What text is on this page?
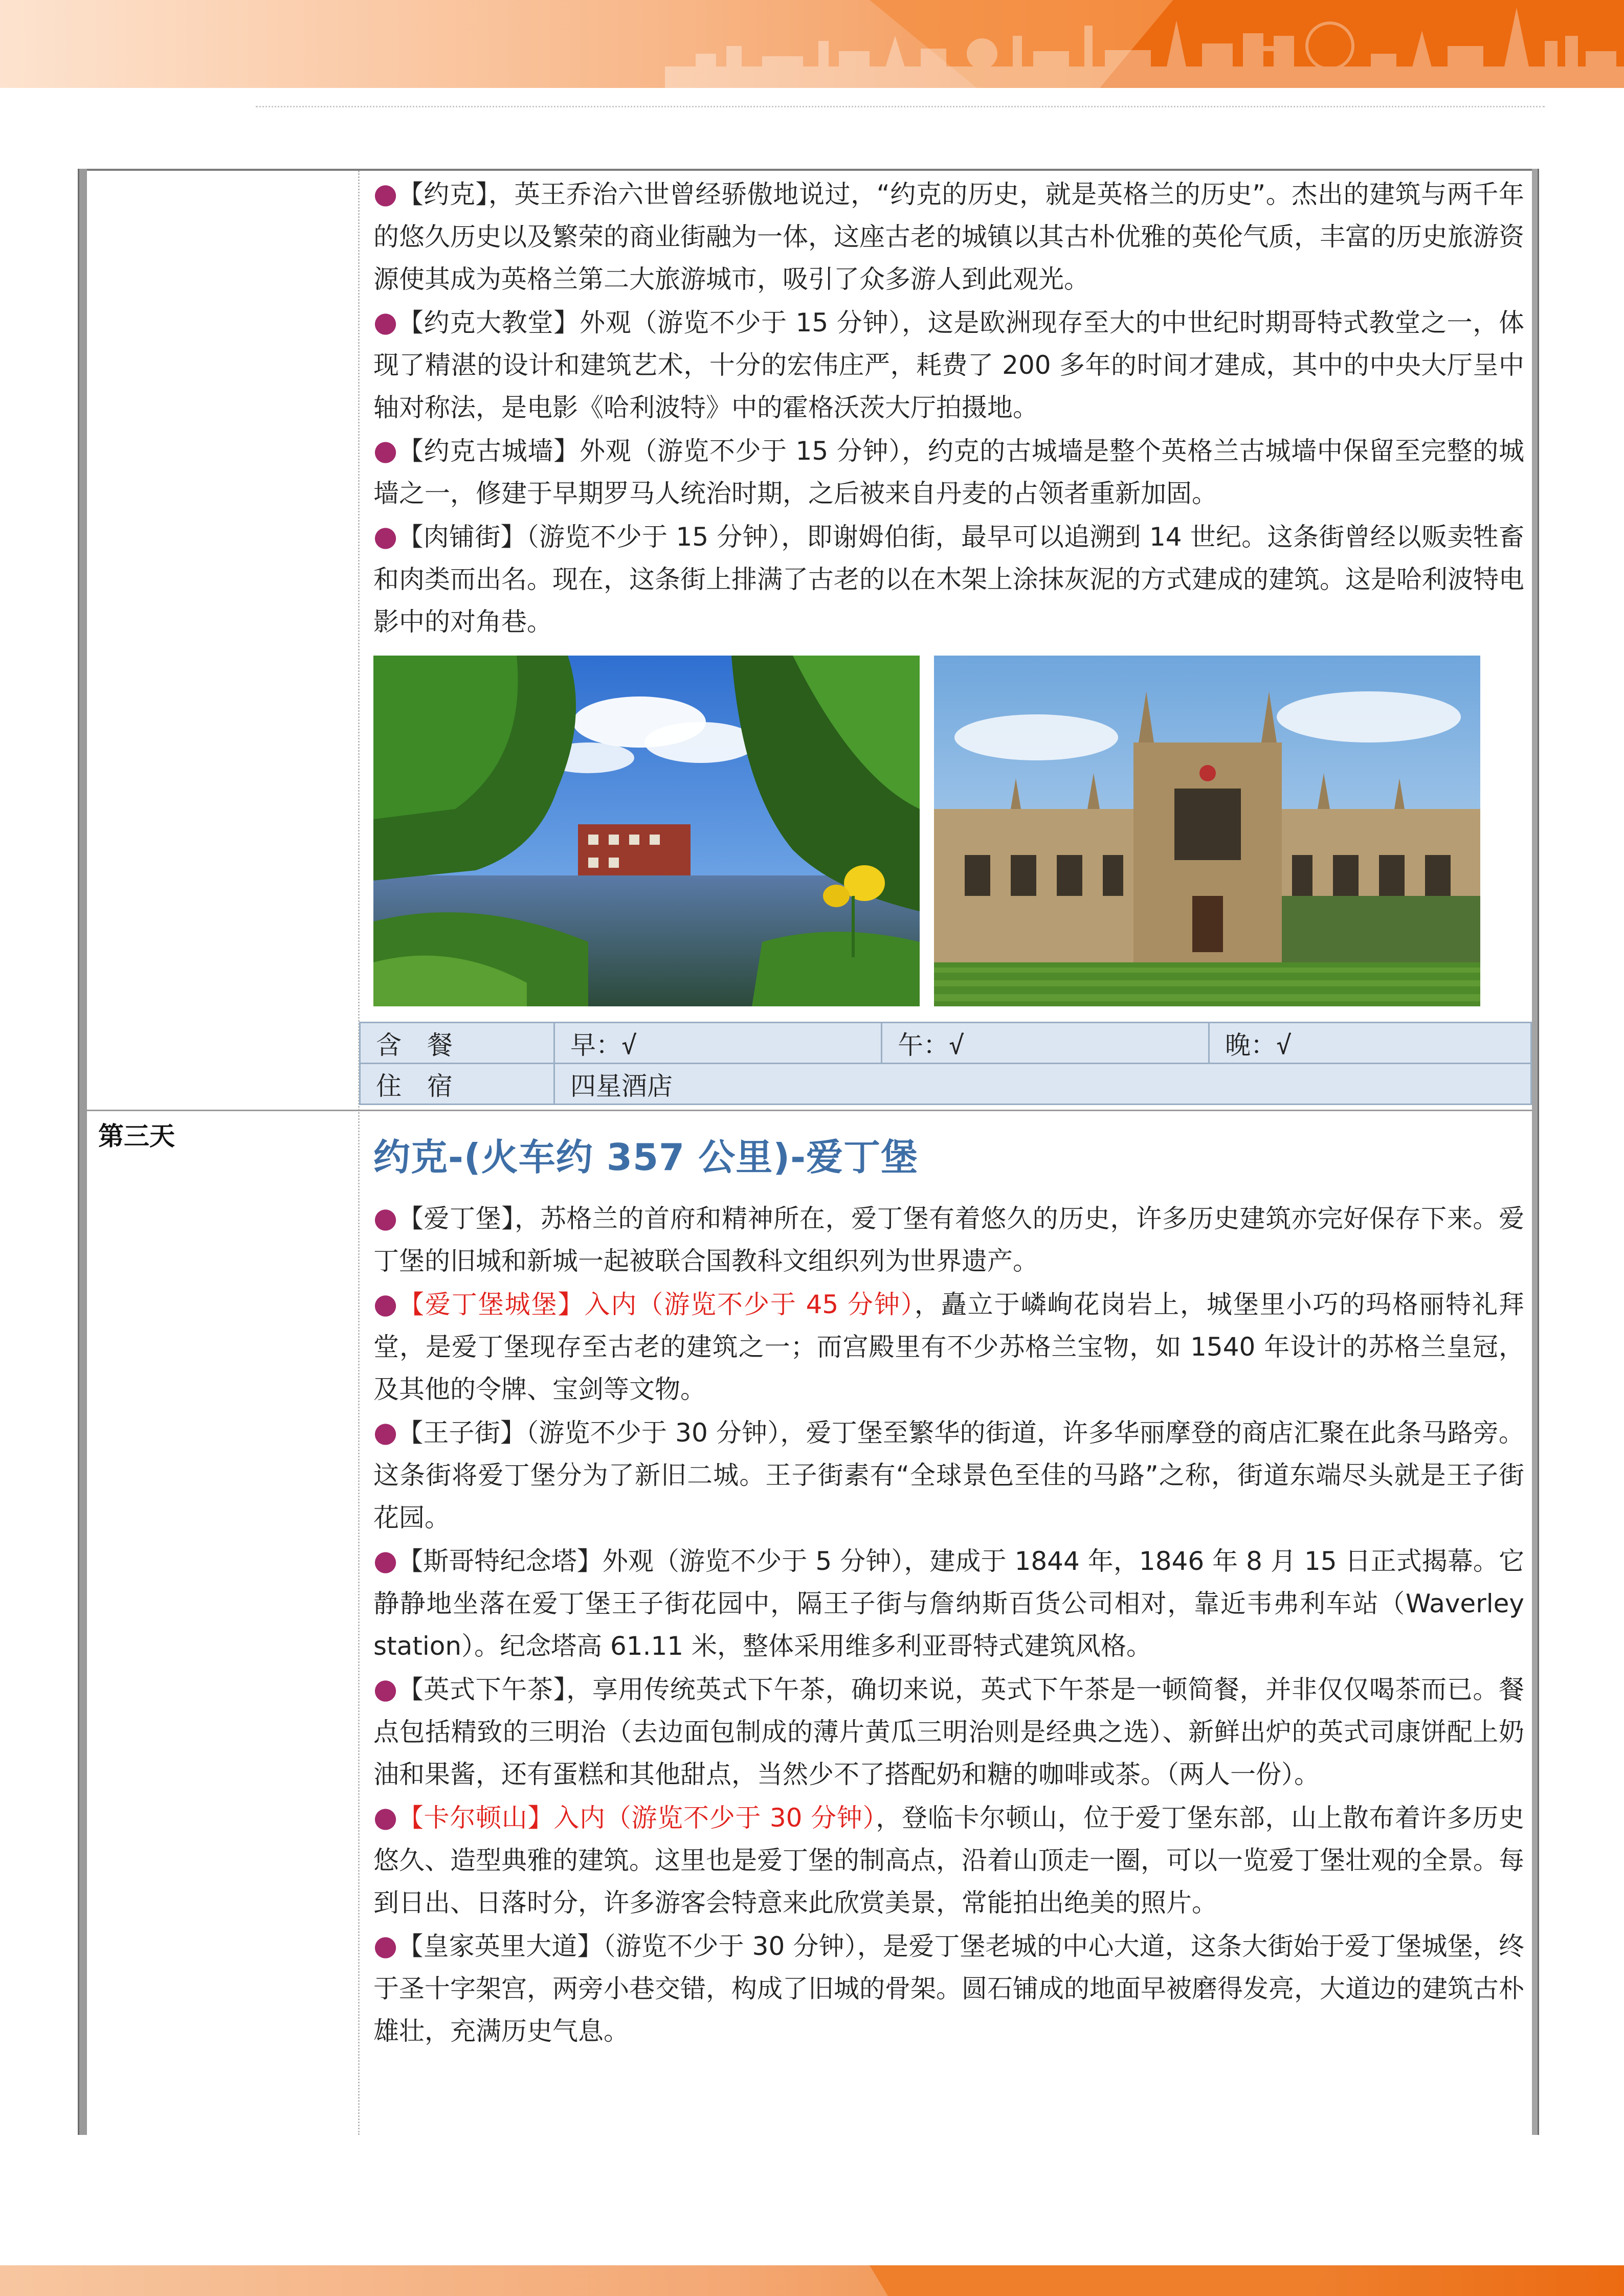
●【约克】，英王乔治六世曾经骄傲地说过，“约克的历史，就是英格兰的历史”。杰出的建筑与两千年的悠久历史以及繁荣的商业街融为一体，这座古老的城镇以其古朴优雅的英伦气质，丰富的历史旅游资源使其成为英格兰第二大旅游城市，吸引了众多游人到此观光。

●【约克大教堂】外观（游览不少于 15 分钟），这是欧洲现存至大的中世纪时期哥特式教堂之一，体现了精湛的设计和建筑艺术，十分的宏伟庄严，耗费了 200 多年的时间才建成，其中的中央大厅呈中轴对称法，是电影《哈利波特》中的霍格沃茨大厅拍摄地。

●【约克古城墙】外观（游览不少于 15 分钟），约克的古城墙是整个英格兰古城墙中保留至完整的城墙之一，修建于早期罗马人统治时期，之后被来自丹麦的占领者重新加固。

●【肉铺街】（游览不少于 15 分钟），即谢姆伯街，最早可以追溯到 14 世纪。这条街曾经以贩卖牲畜和肉类而出名。现在，这条街上排满了古老的以在木架上涂抹灰泥的方式建成的建筑。这是哈利波特电影中的对角巷。

含　餐	早：√	午：√	晚：√
住　宿	四星酒店		
第三天	约克-(火车约 357 公里)-爱丁堡

●【爱丁堡】，苏格兰的首府和精神所在，爱丁堡有着悠久的历史，许多历史建筑亦完好保存下来。爱丁堡的旧城和新城一起被联合国教科文组织列为世界遗产。

●【爱丁堡城堡】入内（游览不少于 45 分钟），矗立于嶙峋花岗岩上，城堡里小巧的玛格丽特礼拜堂，是爱丁堡现存至古老的建筑之一；而宫殿里有不少苏格兰宝物，如 1540 年设计的苏格兰皇冠，及其他的令牌、宝剑等文物。

●【王子街】（游览不少于 30 分钟），爱丁堡至繁华的街道，许多华丽摩登的商店汇聚在此条马路旁。这条街将爱丁堡分为了新旧二城。王子街素有“全球景色至佳的马路”之称，街道东端尽头就是王子街花园。

●【斯哥特纪念塔】外观（游览不少于 5 分钟），建成于 1844 年，1846 年 8 月 15 日正式揭幕。它静静地坐落在爱丁堡王子街花园中，隔王子街与詹纳斯百货公司相对，靠近韦弗利车站（Waverley station）。纪念塔高 61.11 米，整体采用维多利亚哥特式建筑风格。

●【英式下午茶】，享用传统英式下午茶，确切来说，英式下午茶是一顿简餐，并非仅仅喝茶而已。餐点包括精致的三明治（去边面包制成的薄片黄瓜三明治则是经典之选）、新鲜出炉的英式司康饼配上奶油和果酱，还有蛋糕和其他甜点，当然少不了搭配奶和糖的咖啡或茶。（两人一份）。

●【卡尔顿山】入内（游览不少于 30 分钟），登临卡尔顿山，位于爱丁堡东部，山上散布着许多历史悠久、造型典雅的建筑。这里也是爱丁堡的制高点，沿着山顶走一圈，可以一览爱丁堡壮观的全景。每到日出、日落时分，许多游客会特意来此欣赏美景，常能拍出绝美的照片。

●【皇家英里大道】（游览不少于 30 分钟），是爱丁堡老城的中心大道，这条大街始于爱丁堡城堡，终于圣十字架宫，两旁小巷交错，构成了旧城的骨架。圆石铺成的地面早被磨得发亮，大道边的建筑古朴雄壮，充满历史气息。
